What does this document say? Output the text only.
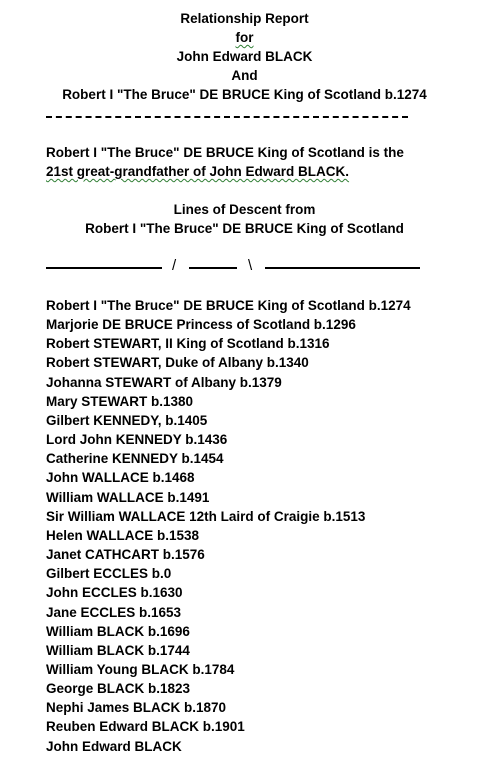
Relationship Report
for
John Edward BLACK
And
Robert I "The Bruce" DE BRUCE King of Scotland b.1274
Robert I "The Bruce" DE BRUCE King of Scotland is the
21st great-grandfather of John Edward BLACK.
Lines of Descent from
Robert I "The Bruce" DE BRUCE King of Scotland
/	\
Robert I "The Bruce" DE BRUCE King of Scotland b.1274
Marjorie DE BRUCE Princess of Scotland b.1296
Robert STEWART, II King of Scotland b.1316
Robert STEWART, Duke of Albany b.1340
Johanna STEWART of Albany b.1379
Mary STEWART b.1380
Gilbert KENNEDY, b.1405
Lord John KENNEDY b.1436
Catherine KENNEDY b.1454
John WALLACE b.1468
William WALLACE b.1491
Sir William WALLACE 12th Laird of Craigie b.1513
Helen WALLACE b.1538
Janet CATHCART b.1576
Gilbert ECCLES b.0
John ECCLES b.1630
Jane ECCLES b.1653
William BLACK b.1696
William BLACK b.1744
William Young BLACK b.1784
George BLACK b.1823
Nephi James BLACK b.1870
Reuben Edward BLACK b.1901
John Edward BLACK
